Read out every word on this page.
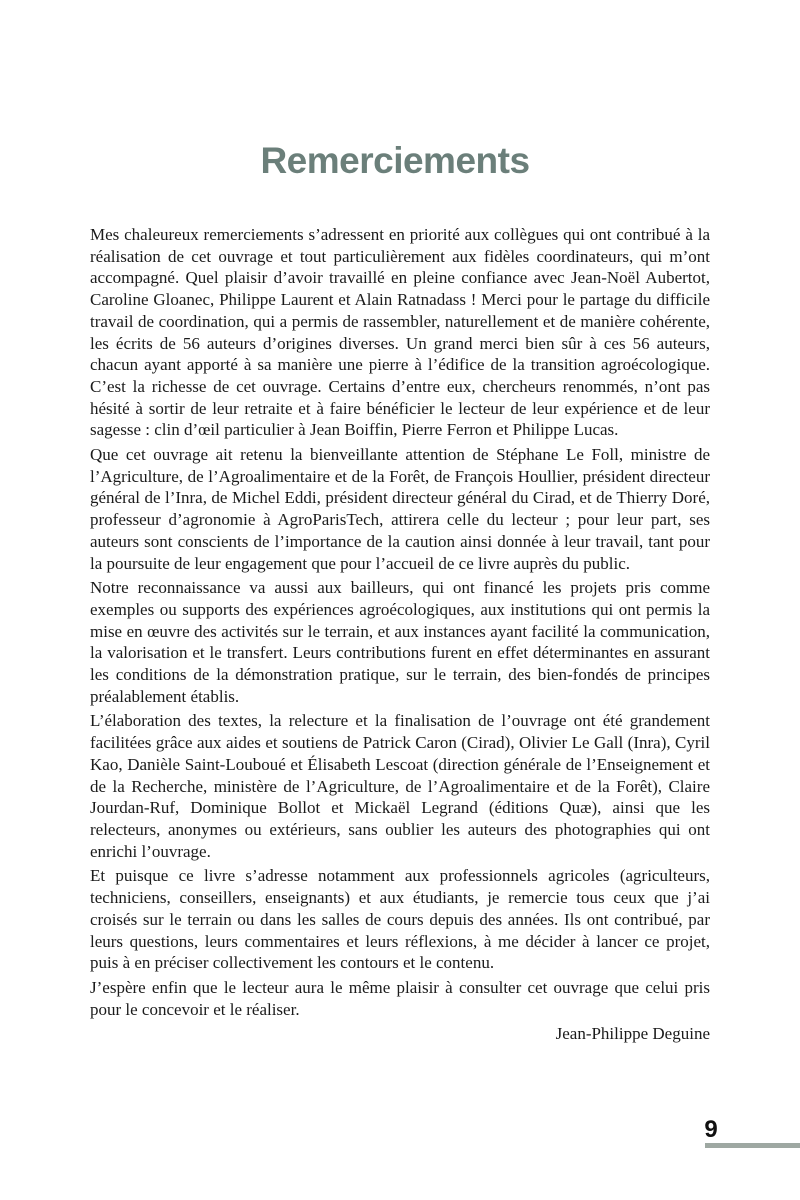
Remerciements

Mes chaleureux remerciements s’adressent en priorité aux collègues qui ont contribué à la réalisation de cet ouvrage et tout particulièrement aux fidèles coordinateurs, qui m’ont accompagné. Quel plaisir d’avoir travaillé en pleine confiance avec Jean-Noël Aubertot, Caroline Gloanec, Philippe Laurent et Alain Ratnadass ! Merci pour le partage du difficile travail de coordination, qui a permis de rassembler, naturellement et de manière cohérente, les écrits de 56 auteurs d’origines diverses. Un grand merci bien sûr à ces 56 auteurs, chacun ayant apporté à sa manière une pierre à l’édifice de la transition agroécologique. C’est la richesse de cet ouvrage. Certains d’entre eux, chercheurs renommés, n’ont pas hésité à sortir de leur retraite et à faire bénéficier le lecteur de leur expérience et de leur sagesse : clin d’œil particulier à Jean Boiffin, Pierre Ferron et Philippe Lucas.

Que cet ouvrage ait retenu la bienveillante attention de Stéphane Le Foll, ministre de l’Agriculture, de l’Agroalimentaire et de la Forêt, de François Houllier, président directeur général de l’Inra, de Michel Eddi, président directeur général du Cirad, et de Thierry Doré, professeur d’agronomie à AgroParisTech, attirera celle du lecteur ; pour leur part, ses auteurs sont conscients de l’importance de la caution ainsi donnée à leur travail, tant pour la poursuite de leur engagement que pour l’accueil de ce livre auprès du public.

Notre reconnaissance va aussi aux bailleurs, qui ont financé les projets pris comme exemples ou supports des expériences agroécologiques, aux institutions qui ont permis la mise en œuvre des activités sur le terrain, et aux instances ayant facilité la communication, la valorisation et le transfert. Leurs contributions furent en effet déterminantes en assurant les conditions de la démonstration pratique, sur le terrain, des bien-fondés de principes préalablement établis.

L’élaboration des textes, la relecture et la finalisation de l’ouvrage ont été grandement facilitées grâce aux aides et soutiens de Patrick Caron (Cirad), Olivier Le Gall (Inra), Cyril Kao, Danièle Saint-Louboué et Élisabeth Lescoat (direction générale de l’Enseignement et de la Recherche, ministère de l’Agriculture, de l’Agroalimentaire et de la Forêt), Claire Jourdan-Ruf, Dominique Bollot et Mickaël Legrand (éditions Quæ), ainsi que les relecteurs, anonymes ou extérieurs, sans oublier les auteurs des photographies qui ont enrichi l’ouvrage.

Et puisque ce livre s’adresse notamment aux professionnels agricoles (agriculteurs, techniciens, conseillers, enseignants) et aux étudiants, je remercie tous ceux que j’ai croisés sur le terrain ou dans les salles de cours depuis des années. Ils ont contribué, par leurs questions, leurs commentaires et leurs réflexions, à me décider à lancer ce projet, puis à en préciser collectivement les contours et le contenu.

J’espère enfin que le lecteur aura le même plaisir à consulter cet ouvrage que celui pris pour le concevoir et le réaliser.

Jean-Philippe Deguine

9
